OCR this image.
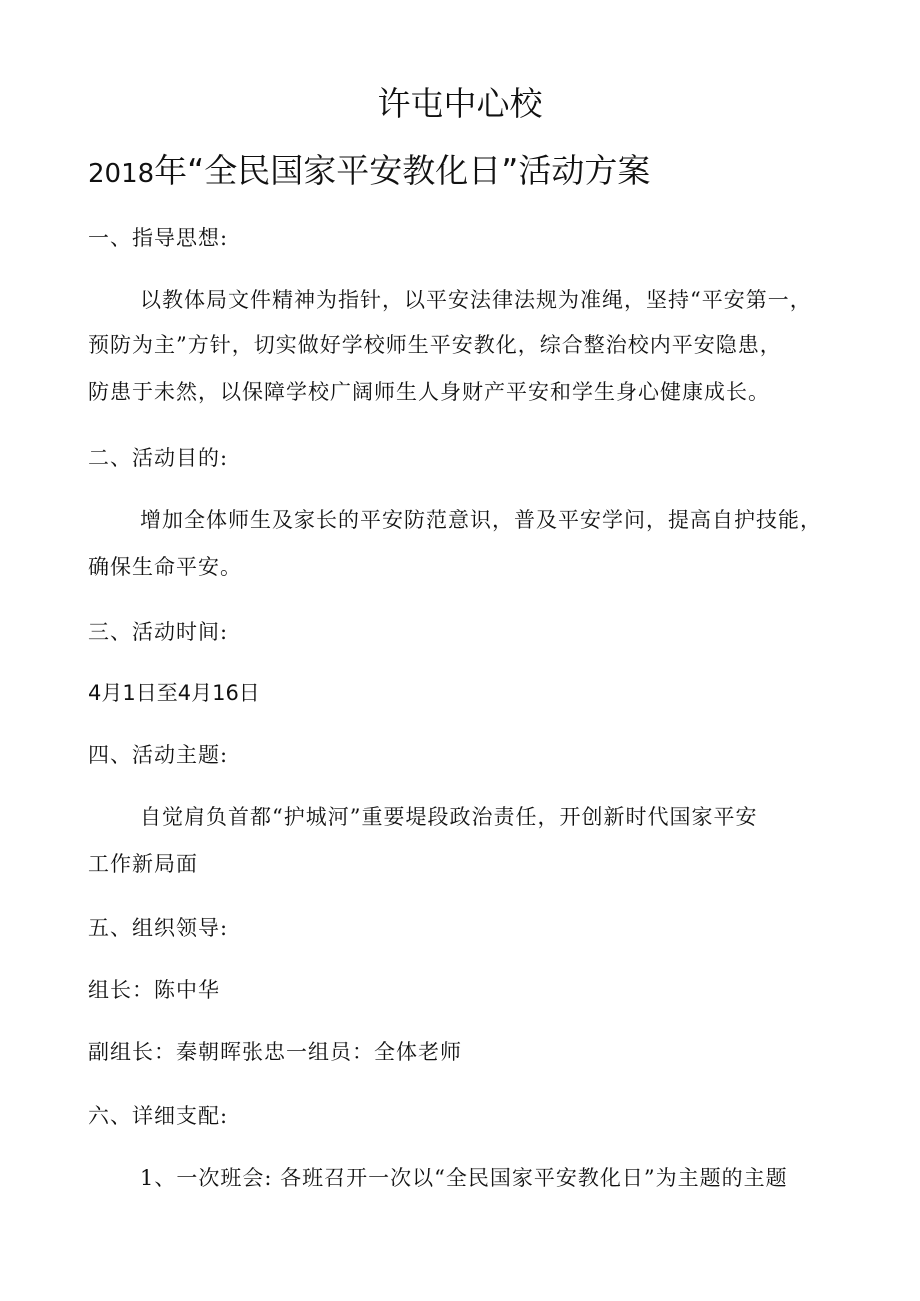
许屯中心校
2018年“全民国家平安教化日”活动方案
一、指导思想:
以教体局文件精神为指针，以平安法律法规为准绳，坚持“平安第一，
预防为主”方针，切实做好学校师生平安教化，综合整治校内平安隐患，
防患于未然，以保障学校广阔师生人身财产平安和学生身心健康成长。
二、活动目的:
增加全体师生及家长的平安防范意识，普及平安学问，提高自护技能，
确保生命平安。
三、活动时间:
4月1日至4月16日
四、活动主题:
自觉肩负首都“护城河”重要堤段政治责任，开创新时代国家平安
工作新局面
五、组织领导:
组长：陈中华
副组长：秦朝晖张忠一组员：全体老师
六、详细支配:
1、一次班会: 各班召开一次以“全民国家平安教化日”为主题的主题
